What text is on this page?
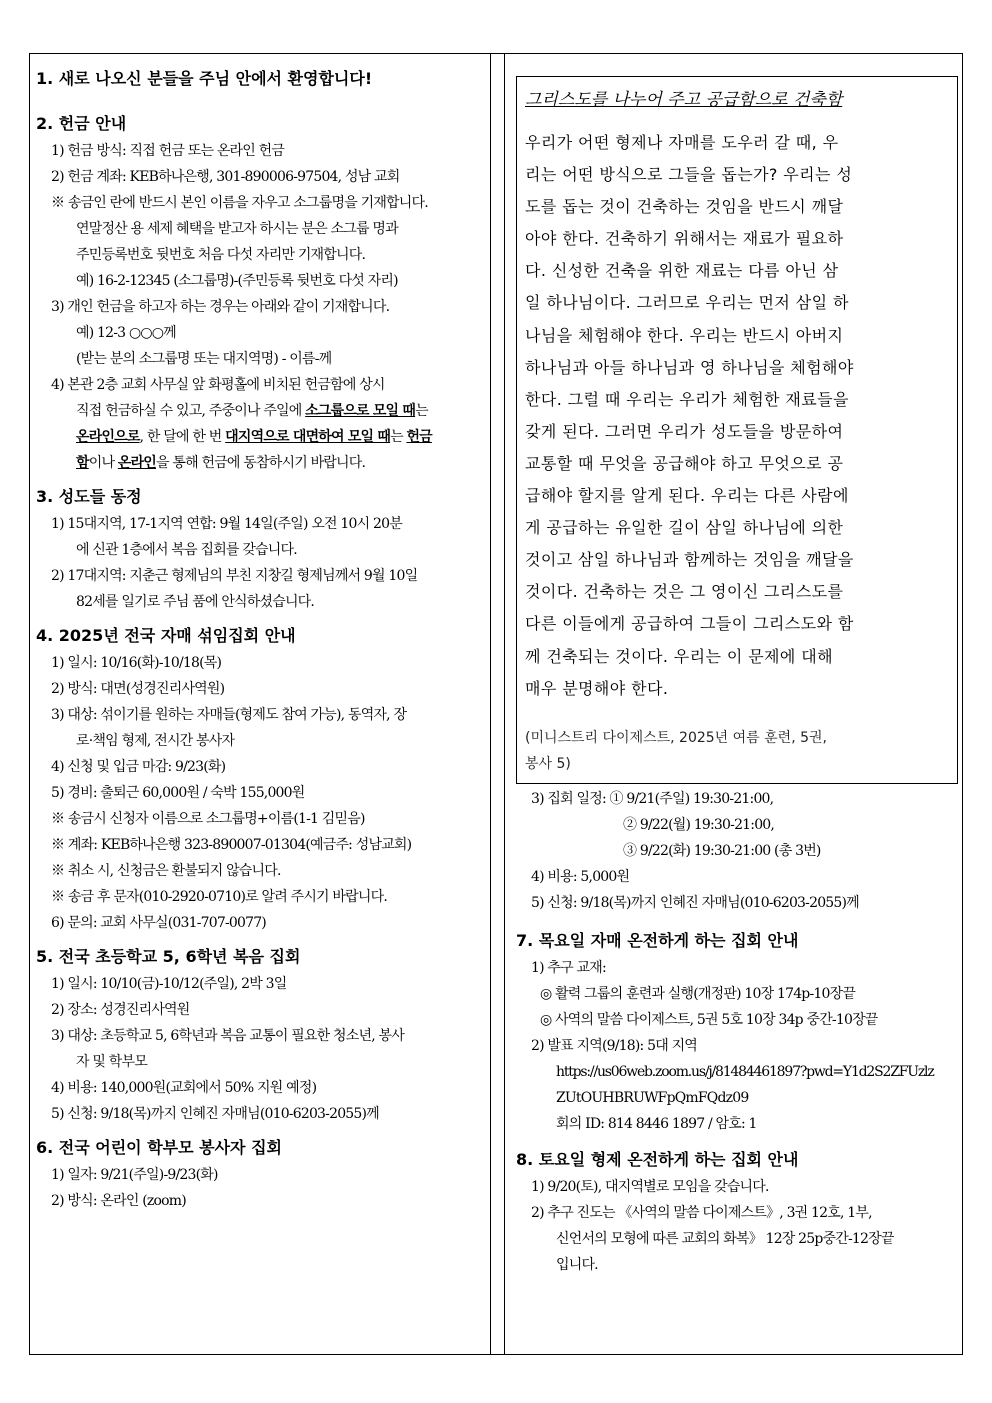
1. 새로 나오신 분들을 주님 안에서 환영합니다!
2. 헌금 안내
1) 헌금 방식: 직접 헌금 또는 온라인 헌금
2) 헌금 계좌: KEB하나은행, 301-890006-97504, 성남 교회
※ 송금인 란에 반드시 본인 이름을 자우고 소그룹명을 기재합니다.
연말정산 용 세제 혜택을 받고자 하시는 분은 소그룹 명과
주민등록번호 뒷번호 처음 다섯 자리만 기재합니다.
예) 16-2-12345 (소그룹명)-(주민등록 뒷번호 다섯 자리)
3) 개인 헌금을 하고자 하는 경우는 아래와 같이 기재합니다.
예) 12-3 ○○○께
(받는 분의 소그룹명 또는 대지역명) - 이름-께
4) 본관 2층 교회 사무실 앞 화평홀에 비치된 헌금함에 상시
직접 헌금하실 수 있고, 주중이나 주일에 소그룹으로 모일 때는
온라인으로, 한 달에 한 번 대지역으로 대면하여 모일 때는 헌금
함이나 온라인을 통해 헌금에 동참하시기 바랍니다.
3. 성도들 동정
1) 15대지역, 17-1지역 연합: 9월 14일(주일) 오전 10시 20분
에 신관 1층에서 복음 집회를 갖습니다.
2) 17대지역: 지춘근 형제님의 부친 지창길 형제님께서 9월 10일
82세를 일기로 주님 품에 안식하셨습니다.
4. 2025년 전국 자매 섞임집회 안내
1) 일시: 10/16(화)-10/18(목)
2) 방식: 대면(성경진리사역원)
3) 대상: 섞이기를 원하는 자매들(형제도 참여 가능), 동역자, 장
로·책임 형제, 전시간 봉사자
4) 신청 및 입금 마감: 9/23(화)
5) 경비: 출퇴근 60,000원 / 숙박 155,000원
※ 송금시 신청자 이름으로 소그룹명+이름(1-1 김믿음)
※ 계좌: KEB하나은행 323-890007-01304(예금주: 성남교회)
※ 취소 시, 신청금은 환불되지 않습니다.
※ 송금 후 문자(010-2920-0710)로 알려 주시기 바랍니다.
6) 문의: 교회 사무실(031-707-0077)
5. 전국 초등학교 5, 6학년 복음 집회
1) 일시: 10/10(금)-10/12(주일), 2박 3일
2) 장소: 성경진리사역원
3) 대상: 초등학교 5, 6학년과 복음 교통이 필요한 청소년, 봉사
자 및 학부모
4) 비용: 140,000원(교회에서 50% 지원 예정)
5) 신청: 9/18(목)까지 인혜진 자매님(010-6203-2055)께
6. 전국 어린이 학부모 봉사자 집회
1) 일자: 9/21(주일)-9/23(화)
2) 방식: 온라인 (zoom)
그리스도를 나누어 주고 공급함으로 건축함
우리가 어떤 형제나 자매를 도우러 갈 때, 우
리는 어떤 방식으로 그들을 돕는가? 우리는 성
도를 돕는 것이 건축하는 것임을 반드시 깨달
아야 한다. 건축하기 위해서는 재료가 필요하
다. 신성한 건축을 위한 재료는 다름 아닌 삼
일 하나님이다. 그러므로 우리는 먼저 삼일 하
나님을 체험해야 한다. 우리는 반드시 아버지
하나님과 아들 하나님과 영 하나님을 체험해야
한다. 그럴 때 우리는 우리가 체험한 재료들을
갖게 된다. 그러면 우리가 성도들을 방문하여
교통할 때 무엇을 공급해야 하고 무엇으로 공
급해야 할지를 알게 된다. 우리는 다른 사람에
게 공급하는 유일한 길이 삼일 하나님에 의한
것이고 삼일 하나님과 함께하는 것임을 깨달을
것이다. 건축하는 것은 그 영이신 그리스도를
다른 이들에게 공급하여 그들이 그리스도와 함
께 건축되는 것이다. 우리는 이 문제에 대해
매우 분명해야 한다.
(미니스트리 다이제스트, 2025년 여름 훈련, 5권,
봉사 5)
3) 집회 일정: ① 9/21(주일) 19:30-21:00,
② 9/22(월) 19:30-21:00,
③ 9/22(화) 19:30-21:00 (총 3번)
4) 비용: 5,000원
5) 신청: 9/18(목)까지 인혜진 자매님(010-6203-2055)께
7. 목요일 자매 온전하게 하는 집회 안내
1) 추구 교재:
◎ 활력 그룹의 훈련과 실행(개정판) 10장 174p-10장끝
◎ 사역의 말씀 다이제스트, 5권 5호 10장 34p 중간-10장끝
2) 발표 지역(9/18): 5대 지역
https://us06web.zoom.us/j/81484461897?pwd=Y1d2S2ZFUzlz
ZUtOUHBRUWFpQmFQdz09
회의 ID: 814 8446 1897 / 암호: 1
8. 토요일 형제 온전하게 하는 집회 안내
1) 9/20(토), 대지역별로 모임을 갖습니다.
2) 추구 진도는 《사역의 말씀 다이제스트》, 3권 12호, 1부,
신언서의 모형에 따른 교회의 화복》 12장 25p중간-12장끝
입니다.
